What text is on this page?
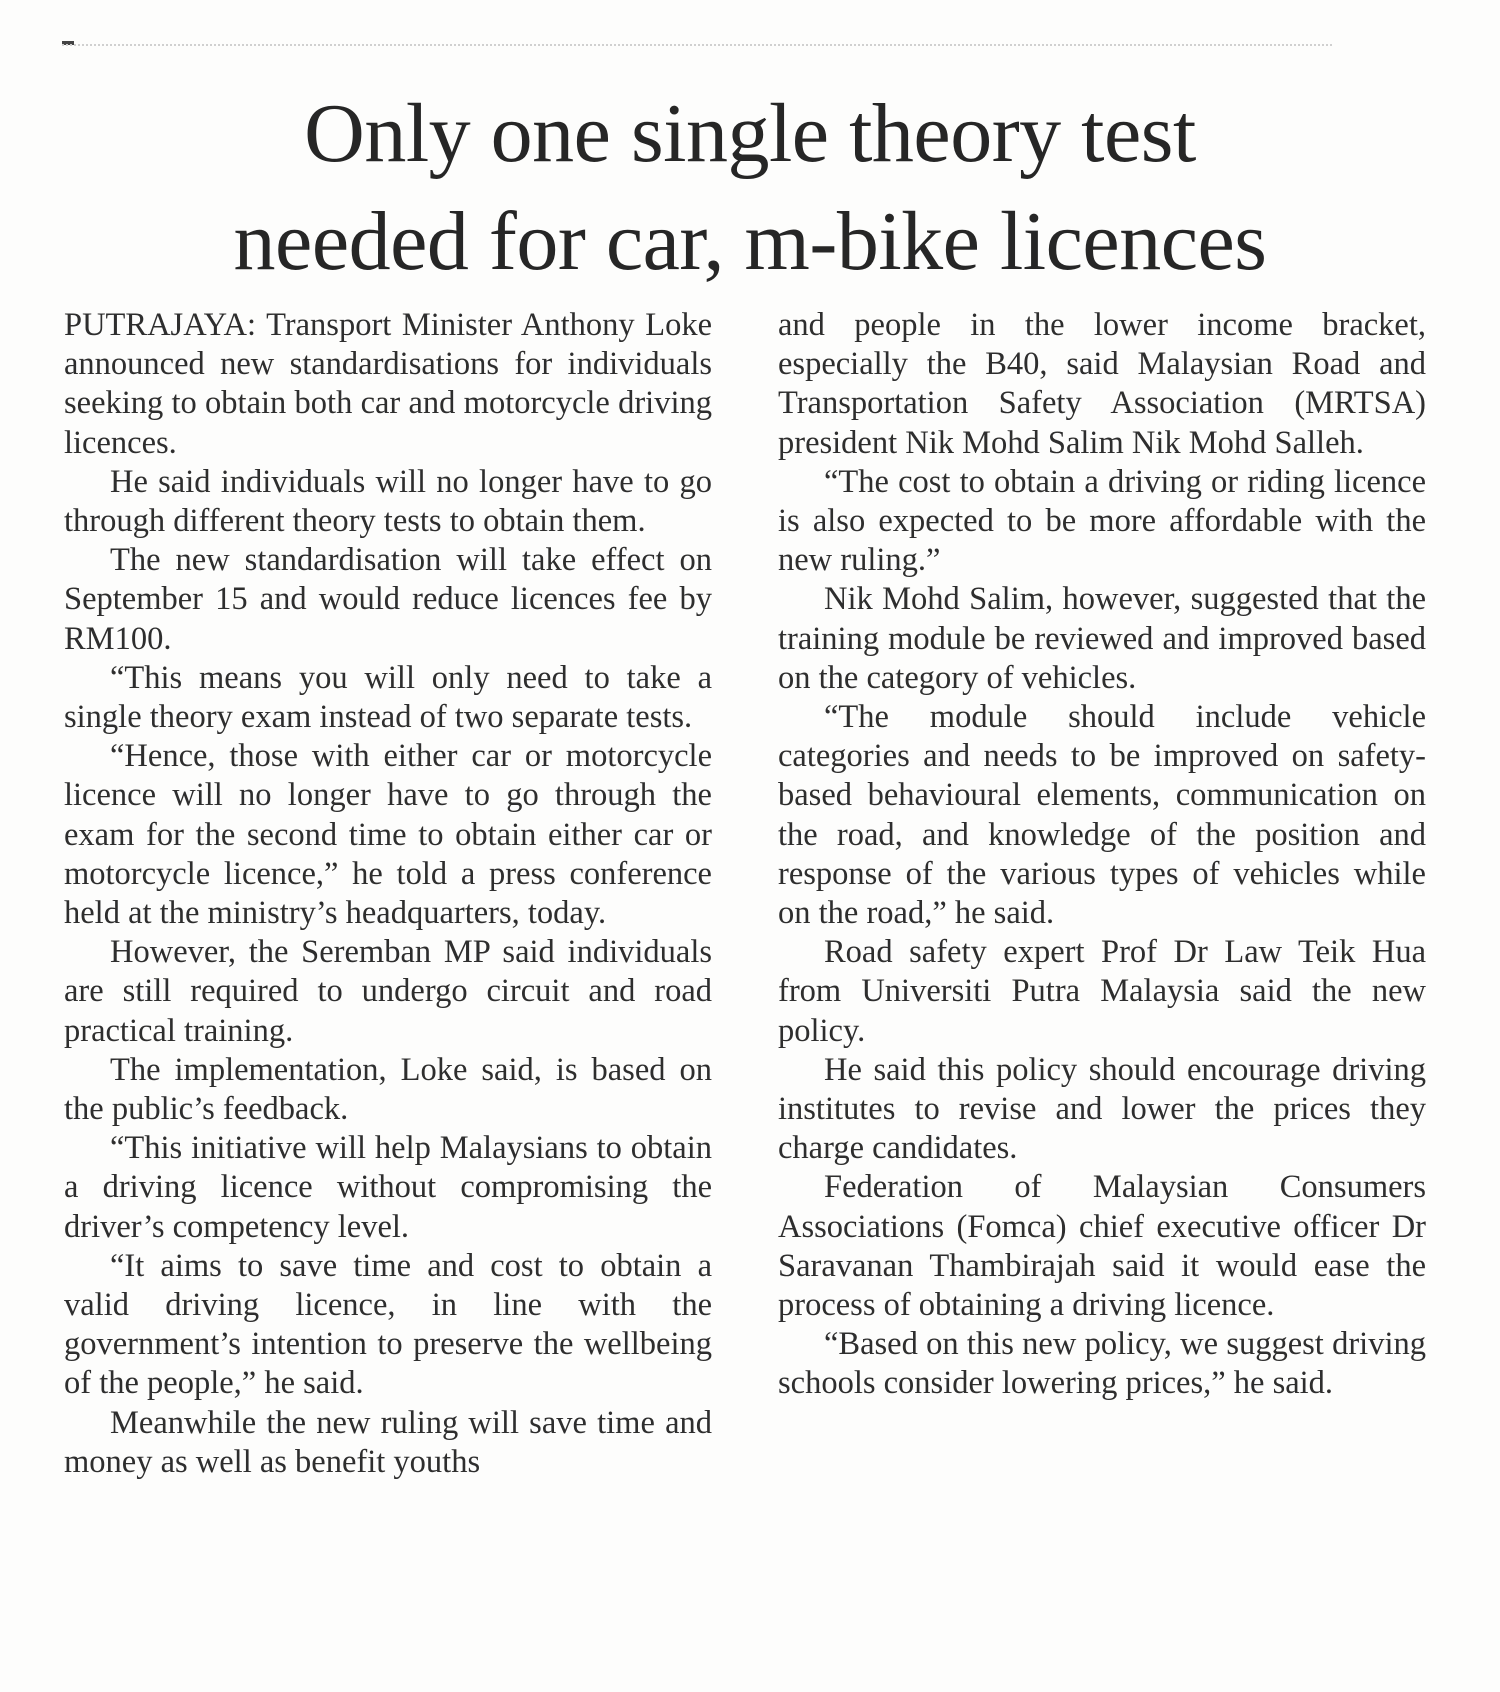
Only one single theory test
needed for car, m-bike licences

PUTRAJAYA: Transport Minister Anthony Loke announced new standardisations for individuals seeking to obtain both car and motorcycle driving licences.

He said individuals will no longer have to go through different theory tests to obtain them.

The new standardisation will take effect on September 15 and would reduce licences fee by RM100.

“This means you will only need to take a single theory exam instead of two separate tests.

“Hence, those with either car or motorcycle licence will no longer have to go through the exam for the second time to obtain either car or motorcycle licence,” he told a press conference held at the ministry’s headquarters, today.

However, the Seremban MP said individuals are still required to undergo circuit and road practical training.

The implementation, Loke said, is based on the public’s feedback.

“This initiative will help Malaysians to obtain a driving licence without compromising the driver’s competency level.

“It aims to save time and cost to obtain a valid driving licence, in line with the government’s intention to preserve the wellbeing of the people,” he said.

Meanwhile the new ruling will save time and money as well as benefit youths

and people in the lower income bracket, especially the B40, said Malaysian Road and Transportation Safety Association (MRTSA) president Nik Mohd Salim Nik Mohd Salleh.

“The cost to obtain a driving or riding licence is also expected to be more affordable with the new ruling.”

Nik Mohd Salim, however, suggested that the training module be reviewed and improved based on the category of vehicles.

“The module should include vehicle categories and needs to be improved on safety-based behavioural elements, communication on the road, and knowledge of the position and response of the various types of vehicles while on the road,” he said.

Road safety expert Prof Dr Law Teik Hua from Universiti Putra Malaysia said the new policy.

He said this policy should encourage driving institutes to revise and lower the prices they charge candidates.

Federation of Malaysian Consumers Associations (Fomca) chief executive officer Dr Saravanan Thambirajah said it would ease the process of obtaining a driving licence.

“Based on this new policy, we suggest driving schools consider lowering prices,” he said.
